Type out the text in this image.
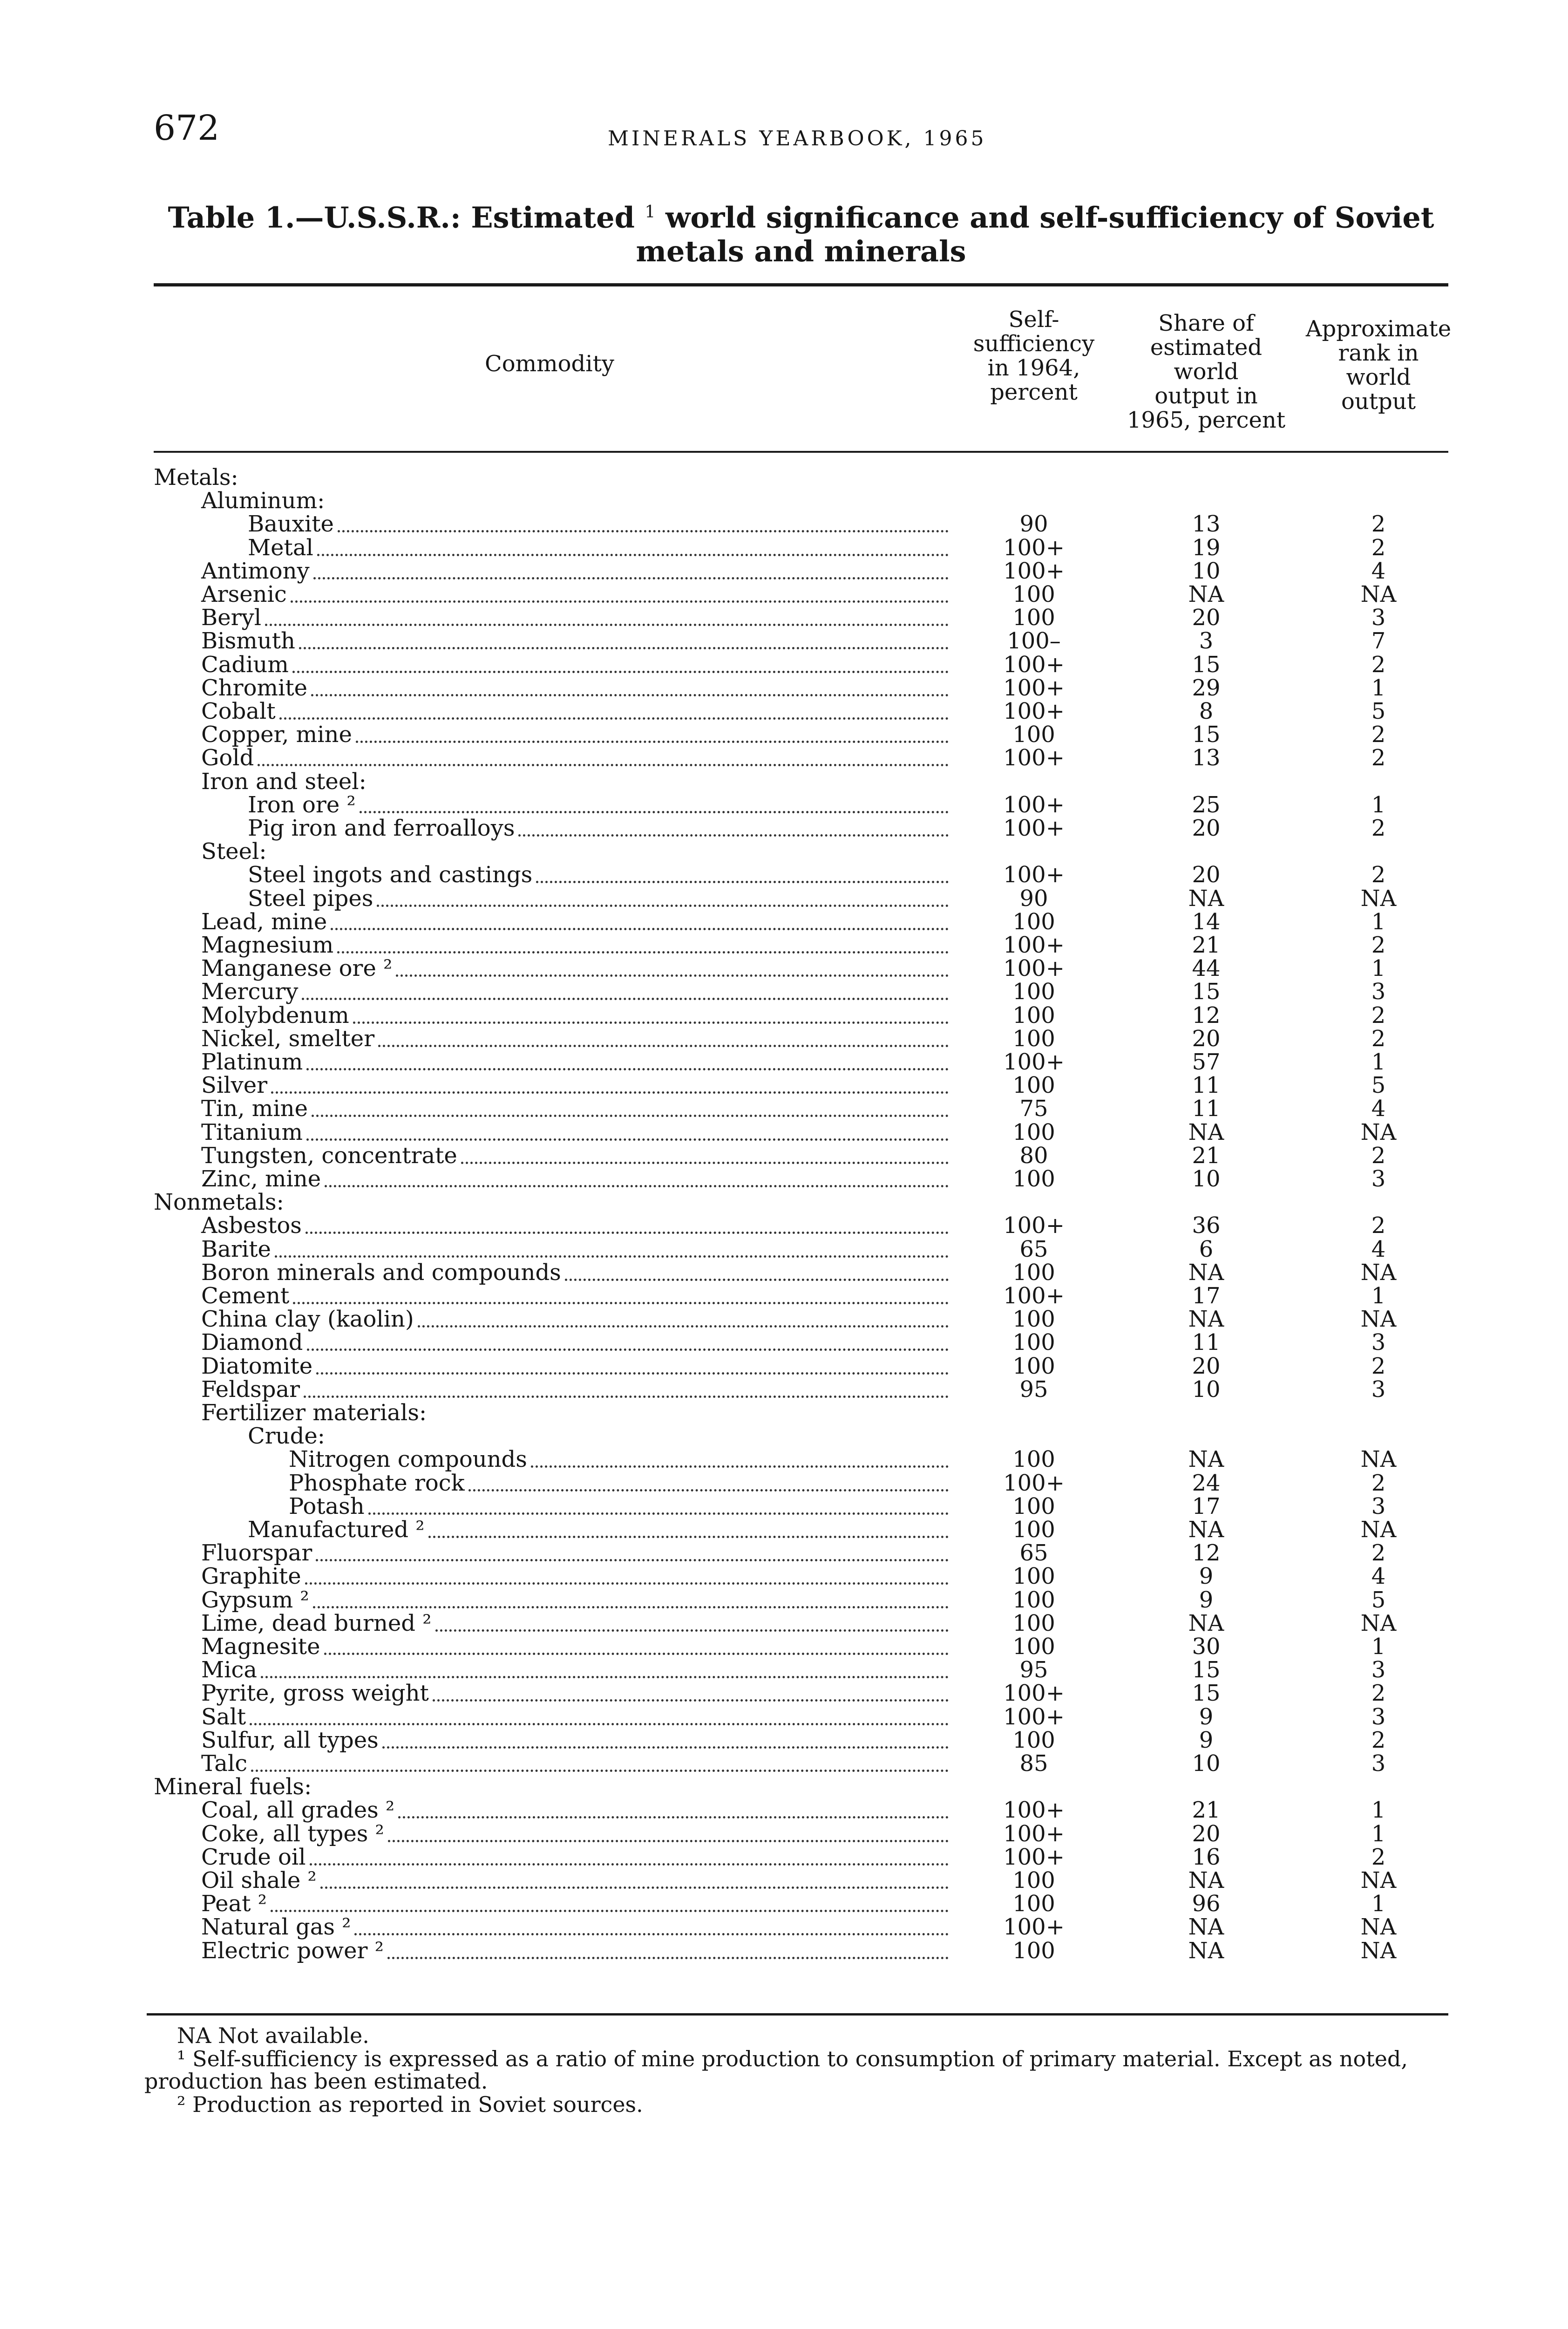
672	MINERALS YEARBOOK, 1965
Table 1.—U.S.S.R.: Estimated $^1$ world significance and self-sufficiency of Soviet metals and minerals
Commodity
Self-
sufficiency
in 1964,
percent
Share of
estimated
world
output in
1965, percent
Approximate
rank in
world
output
Metals:
Aluminum:
Bauxite	90	13	2
Metal	100+	19	2
Antimony	100+	10	4
Arsenic	100	NA	NA
Beryl	100	20	3
Bismuth	100–	3	7
Cadium	100+	15	2
Chromite	100+	29	1
Cobalt	100+	8	5
Copper, mine	100	15	2
Gold	100+	13	2
Iron and steel:
Iron ore ²	100+	25	1
Pig iron and ferroalloys	100+	20	2
Steel:
Steel ingots and castings	100+	20	2
Steel pipes	90	NA	NA
Lead, mine	100	14	1
Magnesium	100+	21	2
Manganese ore ²	100+	44	1
Mercury	100	15	3
Molybdenum	100	12	2
Nickel, smelter	100	20	2
Platinum	100+	57	1
Silver	100	11	5
Tin, mine	75	11	4
Titanium	100	NA	NA
Tungsten, concentrate	80	21	2
Zinc, mine	100	10	3
Nonmetals:
Asbestos	100+	36	2
Barite	65	6	4
Boron minerals and compounds	100	NA	NA
Cement	100+	17	1
China clay (kaolin)	100	NA	NA
Diamond	100	11	3
Diatomite	100	20	2
Feldspar	95	10	3
Fertilizer materials:
Crude:
Nitrogen compounds	100	NA	NA
Phosphate rock	100+	24	2
Potash	100	17	3
Manufactured ²	100	NA	NA
Fluorspar	65	12	2
Graphite	100	9	4
Gypsum ²	100	9	5
Lime, dead burned ²	100	NA	NA
Magnesite	100	30	1
Mica	95	15	3
Pyrite, gross weight	100+	15	2
Salt	100+	9	3
Sulfur, all types	100	9	2
Talc	85	10	3
Mineral fuels:
Coal, all grades ²	100+	21	1
Coke, all types ²	100+	20	1
Crude oil	100+	16	2
Oil shale ²	100	NA	NA
Peat ²	100	96	1
Natural gas ²	100+	NA	NA
Electric power ²	100	NA	NA
NA Not available.
¹ Self-sufficiency is expressed as a ratio of mine production to consumption of primary material. Except as noted,
production has been estimated.
² Production as reported in Soviet sources.
